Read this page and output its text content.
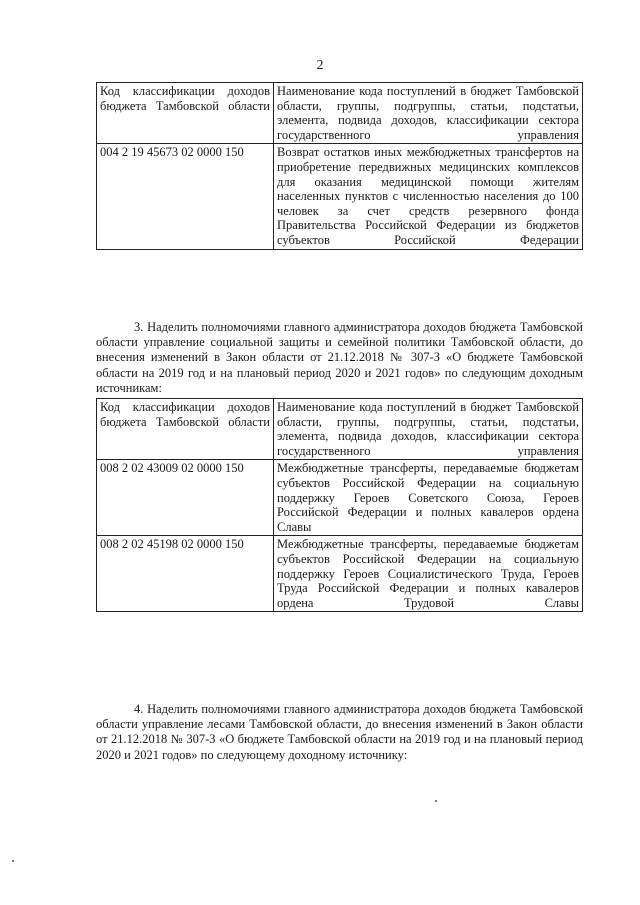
2
Код классификации доходов бюджета Тамбовской области	Наименование кода поступлений в бюджет Тамбовской области, группы, подгруппы, статьи, подстатьи, элемента, подвида доходов, классификации сектора государственного управления
004 2 19 45673 02 0000 150	Возврат остатков иных межбюджетных трансфертов на приобретение передвижных медицинских комплексов для оказания медицинской помощи жителям населенных пунктов с численностью населения до 100 человек за счет средств резервного фонда Правительства Российской Федерации из бюджетов субъектов Российской Федерации
3. Наделить полномочиями главного администратора доходов бюджета Тамбовской области управление социальной защиты и семейной политики Тамбовской области, до внесения изменений в Закон области от 21.12.2018 № 307-З «О бюджете Тамбовской области на 2019 год и на плановый период 2020 и 2021 годов» по следующим доходным источникам:
Код классификации доходов бюджета Тамбовской области	Наименование кода поступлений в бюджет Тамбовской области, группы, подгруппы, статьи, подстатьи, элемента, подвида доходов, классификации сектора государственного управления
008 2 02 43009 02 0000 150	Межбюджетные трансферты, передаваемые бюджетам субъектов Российской Федерации на социальную поддержку Героев Советского Союза, Героев Российской Федерации и полных кавалеров ордена Славы
008 2 02 45198 02 0000 150	Межбюджетные трансферты, передаваемые бюджетам субъектов Российской Федерации на социальную поддержку Героев Социалистического Труда, Героев Труда Российской Федерации и полных кавалеров ордена Трудовой Славы
4. Наделить полномочиями главного администратора доходов бюджета Тамбовской области управление лесами Тамбовской области, до внесения изменений в Закон области от 21.12.2018 № 307-З «О бюджете Тамбовской области на 2019 год и на плановый период 2020 и 2021 годов» по следующему доходному источнику:
